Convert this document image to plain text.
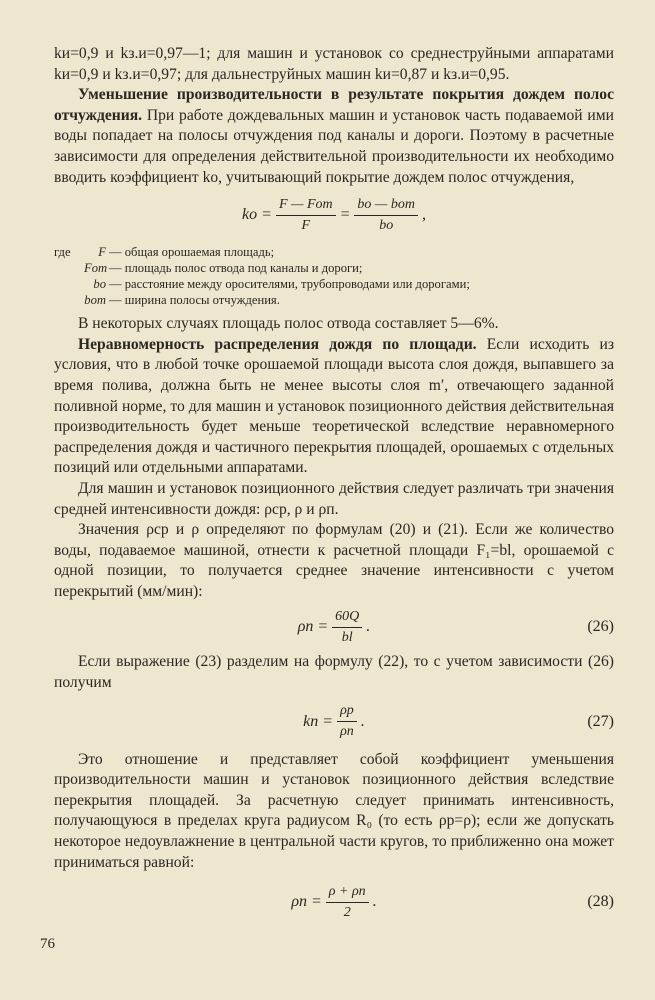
kи=0,9 и kз.и=0,97—1; для машин и установок со среднеструйными аппаратами kи=0,9 и kз.и=0,97; для дальнеструйных машин kи=0,87 и kз.и=0,95.

Уменьшение производительности в результате покрытия дождем полос отчуждения. При работе дождевальных машин и установок часть подаваемой ими воды попадает на полосы отчуждения под каналы и дороги. Поэтому в расчетные зависимости для определения действительной производительности их необходимо вводить коэффициент kо, учитывающий покрытие дождем полос отчуждения,

kо = $\frac{\text{F — Fот}}{F} = \frac{\text{bо — bот}}{bо}$ ,
где	F — общая орошаемая площадь;
Fот — площадь полос отвода под каналы и дороги;
bо — расстояние между оросителями, трубопроводами или дорогами;
bот — ширина полосы отчуждения.

В некоторых случаях площадь полос отвода составляет 5—6%.

Неравномерность распределения дождя по площади. Если исходить из условия, что в любой точке орошаемой площади высота слоя дождя, выпавшего за время полива, должна быть не менее высоты слоя m′, отвечающего заданной поливной норме, то для машин и установок позиционного действия действительная производительность будет меньше теоретической вследствие неравномерного распределения дождя и частичного перекрытия площадей, орошаемых с отдельных позиций или отдельными аппаратами.

Для машин и установок позиционного действия следует различать три значения средней интенсивности дождя: ρср, ρ и ρп.

Значения ρср и ρ определяют по формулам (20) и (21). Если же количество воды, подаваемое машиной, отнести к расчетной площади F₁=bl, орошаемой с одной позиции, то получается среднее значение интенсивности с учетом перекрытий (мм/мин):

$\rho п = \frac{60Q}{bl}$ .	(26)

Если выражение (23) разделим на формулу (22), то с учетом зависимости (26) получим

kп = $\frac{\rho р}{\rho п}$ .	(27)

Это отношение и представляет собой коэффициент уменьшения производительности машин и установок позиционного действия вследствие перекрытия площадей. За расчетную следует принимать интенсивность, получающуюся в пределах круга радиусом R₀ (то есть ρр=ρ); если же допускать некоторое недоувлажнение в центральной части кругов, то приближенно она может приниматься равной:

$\rho п = \frac{\rho + \rho п}{2}$ .	(28)
76
